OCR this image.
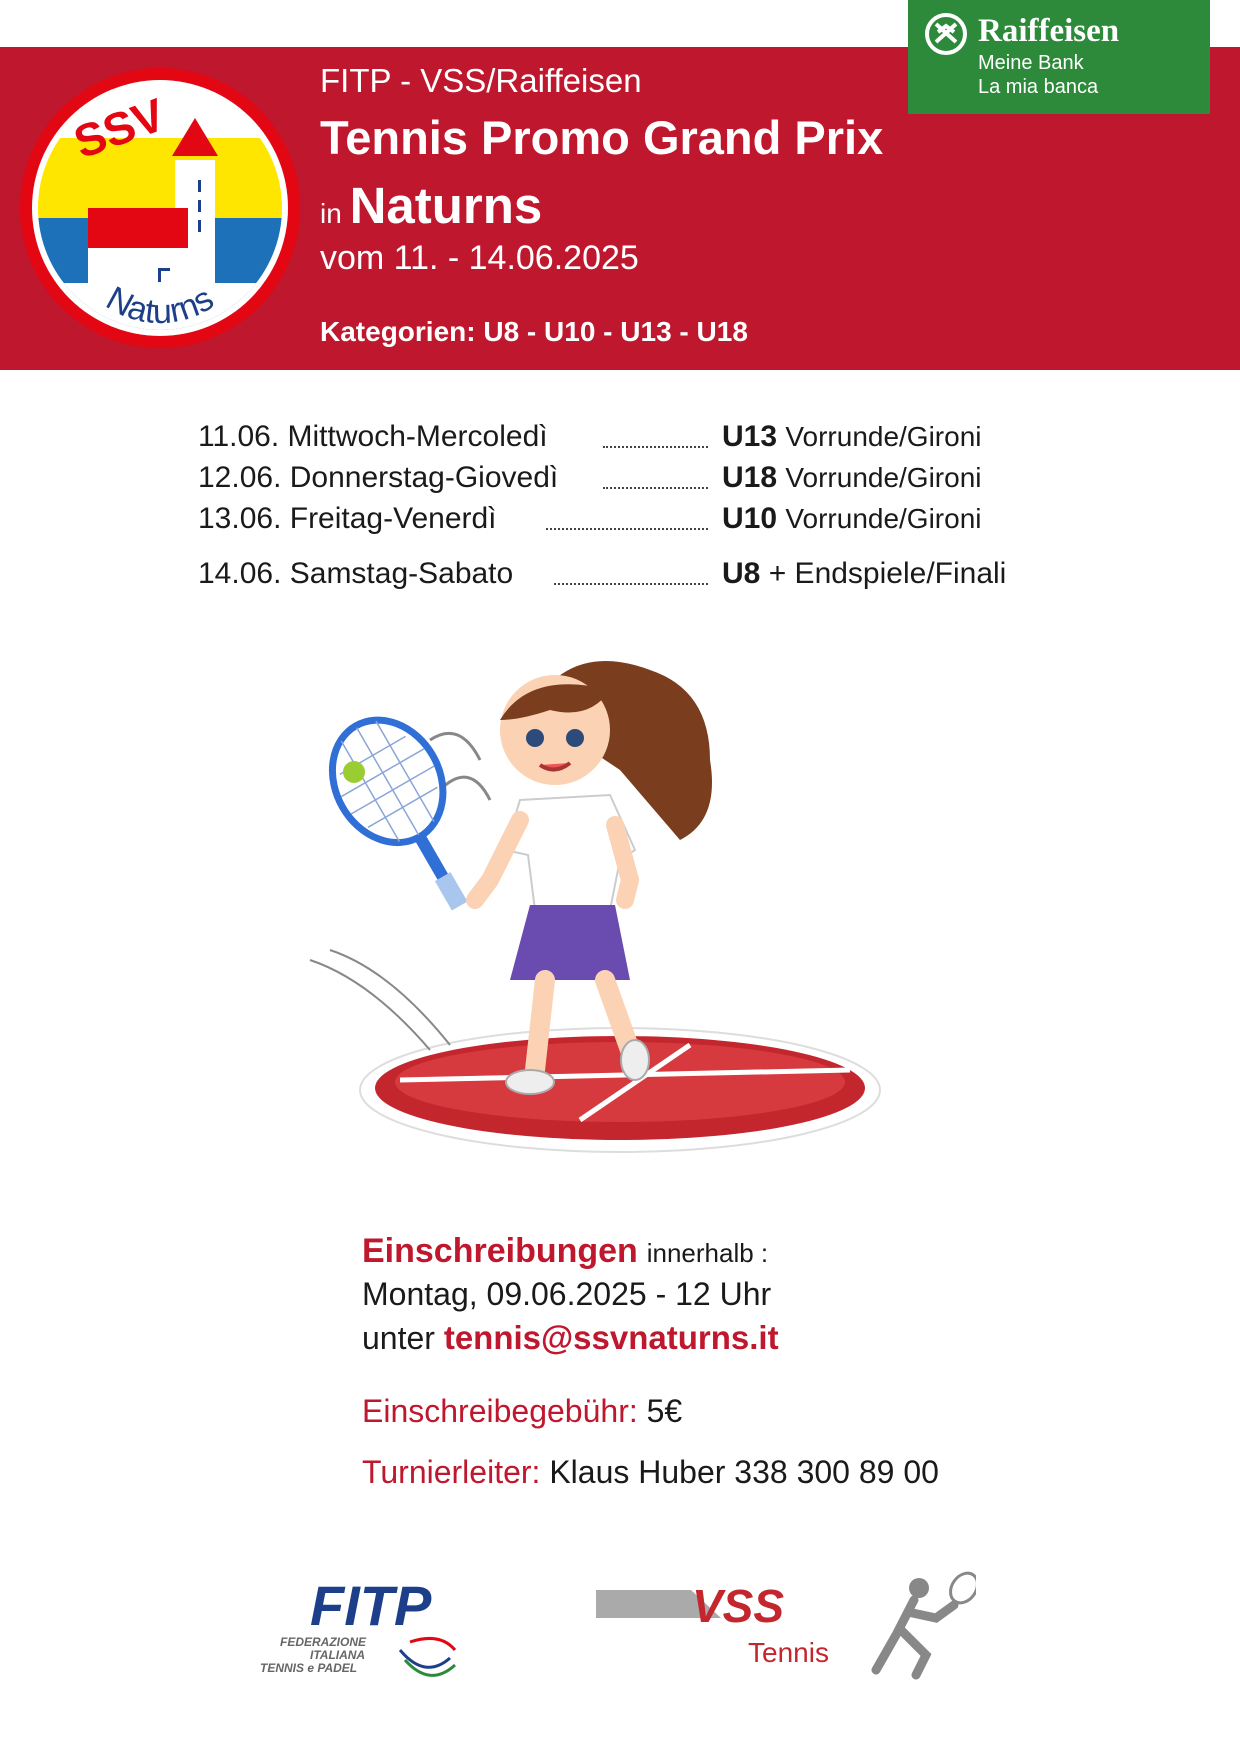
SSV
Naturns
FITP - VSS/Raiffeisen
Tennis Promo Grand Prix
in Naturns
vom 11. - 14.06.2025
Kategorien: U8 - U10 - U13 - U18
Raiffeisen
Meine Bank
La mia banca
11.06. Mittwoch-Mercoledì	U13 Vorrunde/Gironi
12.06. Donnerstag-Giovedì	U18 Vorrunde/Gironi
13.06. Freitag-Venerdì	U10 Vorrunde/Gironi
14.06. Samstag-Sabato	U8 + Endspiele/Finali
Einschreibungen innerhalb :
Montag, 09.06.2025 - 12 Uhr
unter tennis@ssvnaturns.it
Einschreibegebühr: 5€
Turnierleiter: Klaus Huber 338 300 89 00
FITP
FEDERAZIONE
ITALIANA
TENNIS e PADEL
VSS
Tennis
